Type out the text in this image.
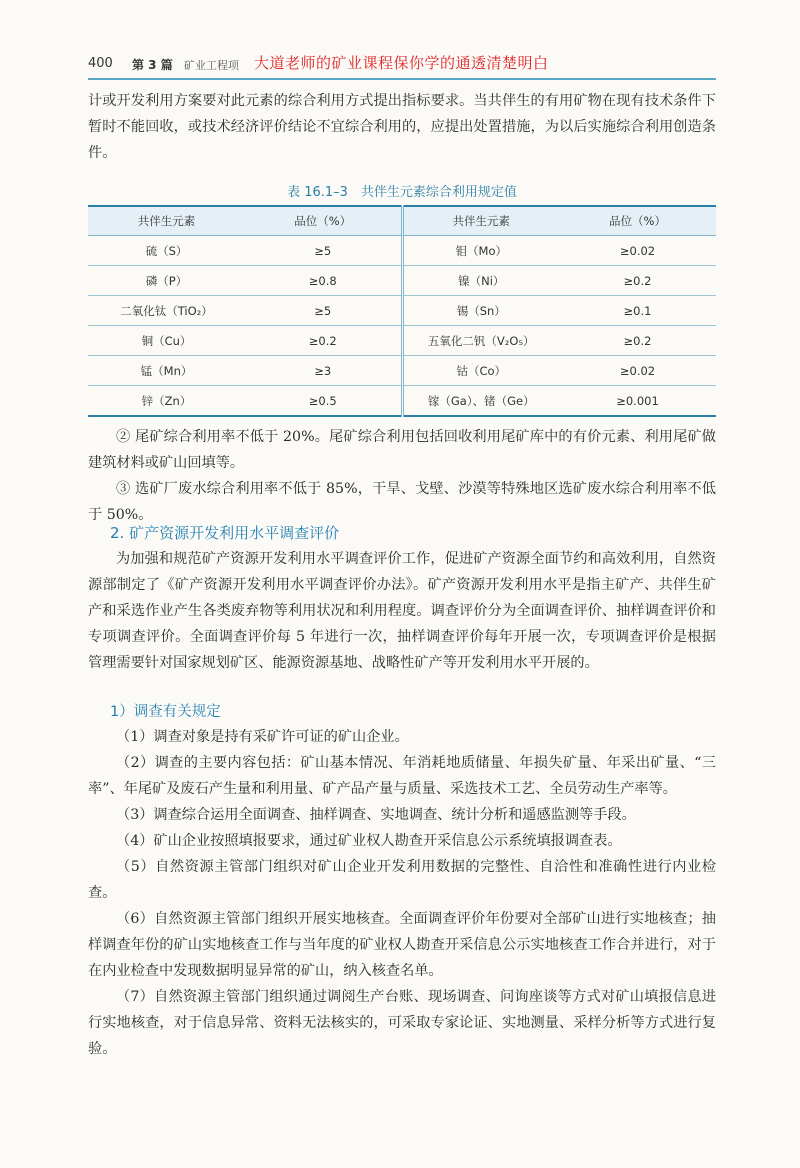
400 第 3 篇 矿业工程项 大道老师的矿业课程保你学的通透清楚明白

计或开发利用方案要对此元素的综合利用方式提出指标要求。当共伴生的有用矿物在现有技术条件下暂时不能回收，或技术经济评价结论不宜综合利用的，应提出处置措施，为以后实施综合利用创造条件。

表 16.1–3　共伴生元素综合利用规定值
共伴生元素	品位（%）	共伴生元素	品位（%）
硫（S）	≥5	钼（Mo）	≥0.02
磷（P）	≥0.8	镍（Ni）	≥0.2
二氧化钛（TiO₂）	≥5	锡（Sn）	≥0.1
铜（Cu）	≥0.2	五氧化二钒（V₂O₅）	≥0.2
锰（Mn）	≥3	钴（Co）	≥0.02
锌（Zn）	≥0.5	镓（Ga）、锗（Ge）	≥0.001

② 尾矿综合利用率不低于 20%。尾矿综合利用包括回收利用尾矿库中的有价元素、利用尾矿做建筑材料或矿山回填等。

③ 选矿厂废水综合利用率不低于 85%，干旱、戈壁、沙漠等特殊地区选矿废水综合利用率不低于 50%。

2. 矿产资源开发利用水平调查评价

为加强和规范矿产资源开发利用水平调查评价工作，促进矿产资源全面节约和高效利用，自然资源部制定了《矿产资源开发利用水平调查评价办法》。矿产资源开发利用水平是指主矿产、共伴生矿产和采选作业产生各类废弃物等利用状况和利用程度。调查评价分为全面调查评价、抽样调查评价和专项调查评价。全面调查评价每 5 年进行一次，抽样调查评价每年开展一次，专项调查评价是根据管理需要针对国家规划矿区、能源资源基地、战略性矿产等开发利用水平开展的。

1）调查有关规定

（1）调查对象是持有采矿许可证的矿山企业。

（2）调查的主要内容包括：矿山基本情况、年消耗地质储量、年损失矿量、年采出矿量、“三率”、年尾矿及废石产生量和利用量、矿产品产量与质量、采选技术工艺、全员劳动生产率等。

（3）调查综合运用全面调查、抽样调查、实地调查、统计分析和遥感监测等手段。

（4）矿山企业按照填报要求，通过矿业权人勘查开采信息公示系统填报调查表。

（5）自然资源主管部门组织对矿山企业开发利用数据的完整性、自洽性和准确性进行内业检查。

（6）自然资源主管部门组织开展实地核查。全面调查评价年份要对全部矿山进行实地核查；抽样调查年份的矿山实地核查工作与当年度的矿业权人勘查开采信息公示实地核查工作合并进行，对于在内业检查中发现数据明显异常的矿山，纳入核查名单。

（7）自然资源主管部门组织通过调阅生产台账、现场调查、问询座谈等方式对矿山填报信息进行实地核查，对于信息异常、资料无法核实的，可采取专家论证、实地测量、采样分析等方式进行复验。
